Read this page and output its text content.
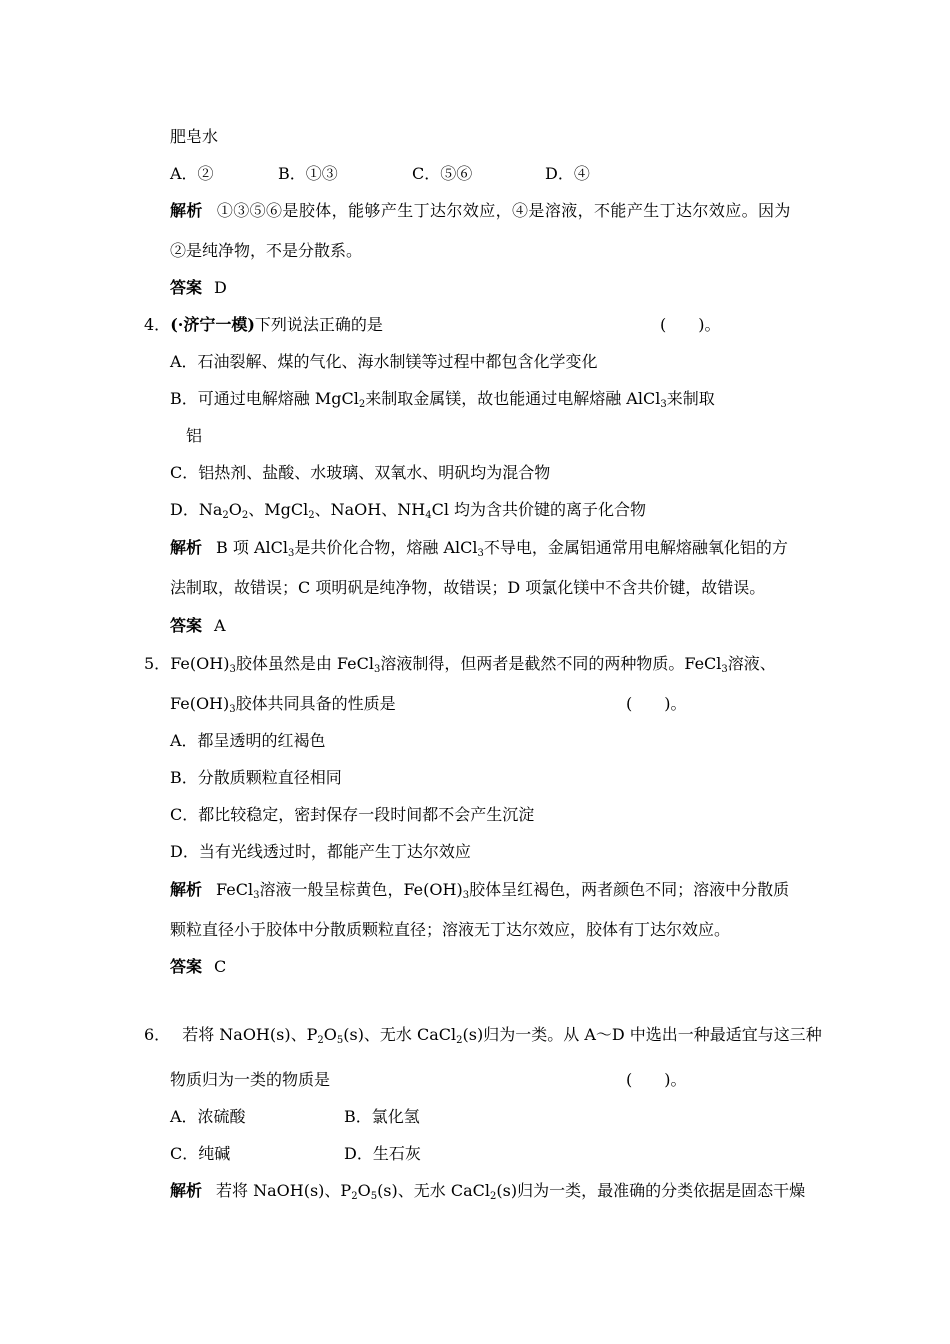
肥皂水
A．②	B．①③	C．⑤⑥	D．④
解析 ①③⑤⑥是胶体，能够产生丁达尔效应，④是溶液，不能产生丁达尔效应。因为
②是纯净物，不是分散系。
答案 D
4．(·济宁一模)下列说法正确的是	(　　)。
A．石油裂解、煤的气化、海水制镁等过程中都包含化学变化
B．可通过电解熔融 MgCl$_2$来制取金属镁，故也能通过电解熔融 AlCl$_3$来制取
铝
C．铝热剂、盐酸、水玻璃、双氧水、明矾均为混合物
D．$Na_2O_2$、MgCl$_2$、NaOH、$NH_4Cl$ 均为含共价键的离子化合物
解析 B 项 AlCl$_3$是共价化合物，熔融 AlCl$_3$不导电，金属铝通常用电解熔融氧化铝的方
法制取，故错误；C 项明矾是纯净物，故错误；D 项氯化镁中不含共价键，故错误。
答案 A
5．$Fe(OH)_3$胶体虽然是由 FeCl$_3$溶液制得，但两者是截然不同的两种物质。FeCl$_3$溶液、
$Fe(OH)_3$胶体共同具备的性质是	(　　)。
A．都呈透明的红褐色
B．分散质颗粒直径相同
C．都比较稳定，密封保存一段时间都不会产生沉淀
D．当有光线透过时，都能产生丁达尔效应
解析 FeCl$_3$溶液一般呈棕黄色，$Fe(OH)_3$胶体呈红褐色，两者颜色不同；溶液中分散质
颗粒直径小于胶体中分散质颗粒直径；溶液无丁达尔效应，胶体有丁达尔效应。
答案 C
6． 若将 NaOH(s)、$P_2O_5(s)$、无水 CaCl$_2$(s)归为一类。从 A～D 中选出一种最适宜与这三种
物质归为一类的物质是	(　　)。
A．浓硫酸	B．氯化氢
C．纯碱	D．生石灰
解析 若将 NaOH(s)、$P_2O_5(s)$、无水 CaCl$_2$(s)归为一类，最准确的分类依据是固态干燥
